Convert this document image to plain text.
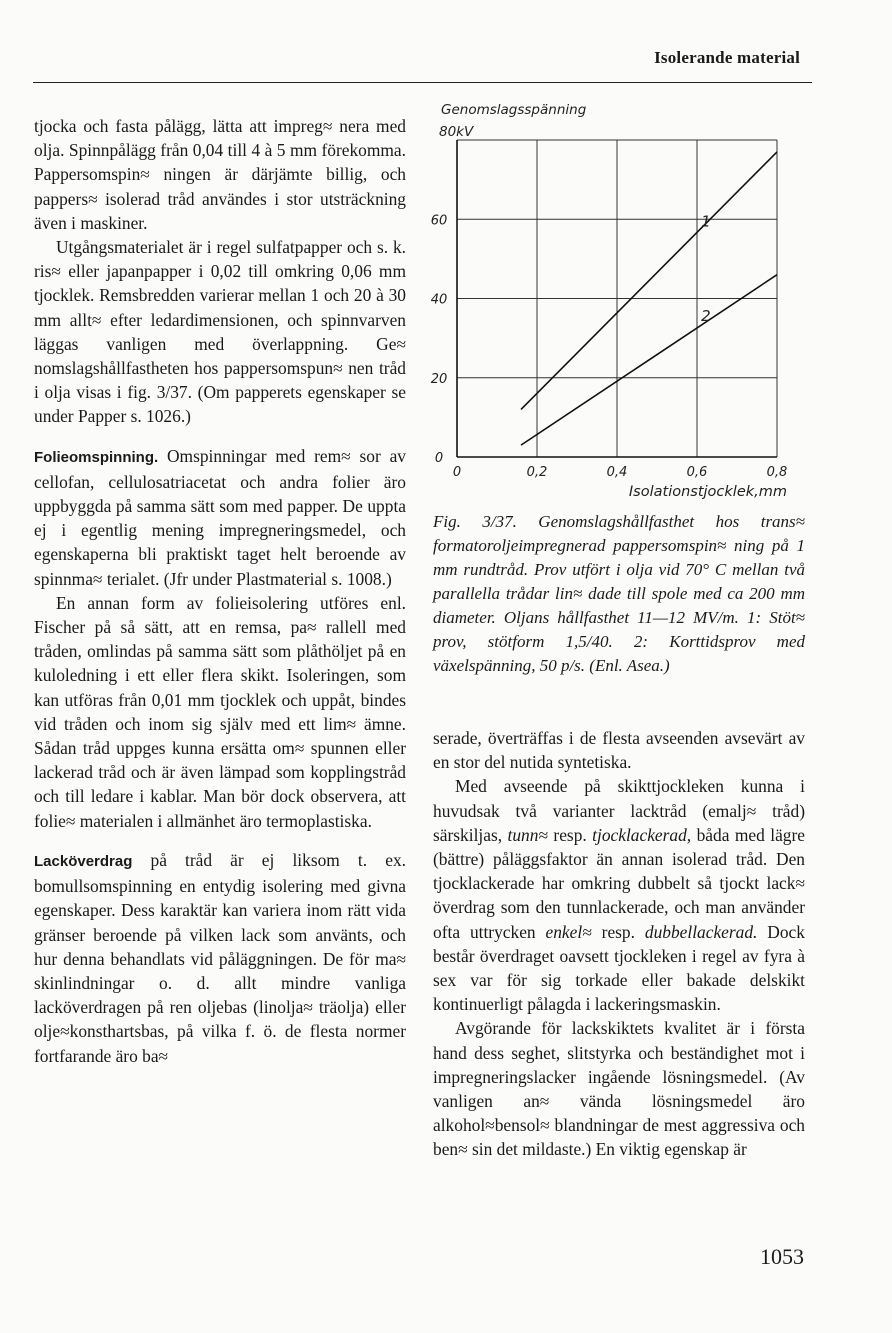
Isolerande material

tjocka och fasta pålägg, lätta att impreg≈ nera med olja. Spinnpålägg från 0,04 till 4 à 5 mm förekomma. Pappersomspin≈ ningen är därjämte billig, och pappers≈ isolerad tråd användes i stor utsträckning även i maskiner.

Utgångsmaterialet är i regel sulfatpapper och s. k. ris≈ eller japanpapper i 0,02 till omkring 0,06 mm tjocklek. Remsbredden varierar mellan 1 och 20 à 30 mm allt≈ efter ledardimensionen, och spinnvarven läggas vanligen med överlappning. Ge≈ nomslagshållfastheten hos pappersomspun≈ nen tråd i olja visas i fig. 3/37. (Om papperets egenskaper se under Papper s. 1026.)

Folieomspinning. Omspinningar med rem≈ sor av cellofan, cellulosatriacetat och andra folier äro uppbyggda på samma sätt som med papper. De uppta ej i egentlig mening impregneringsmedel, och egenskaperna bli praktiskt taget helt beroende av spinnma≈ terialet. (Jfr under Plastmaterial s. 1008.)

En annan form av folieisolering utföres enl. Fischer på så sätt, att en remsa, pa≈ rallell med tråden, omlindas på samma sätt som plåthöljet på en kuloledning i ett eller flera skikt. Isoleringen, som kan utföras från 0,01 mm tjocklek och uppåt, bindes vid tråden och inom sig själv med ett lim≈ ämne. Sådan tråd uppges kunna ersätta om≈ spunnen eller lackerad tråd och är även lämpad som kopplingstråd och till ledare i kablar. Man bör dock observera, att folie≈ materialen i allmänhet äro termoplastiska.

Lacköverdrag på tråd är ej liksom t. ex. bomullsomspinning en entydig isolering med givna egenskaper. Dess karaktär kan variera inom rätt vida gränser beroende på vilken lack som använts, och hur denna behandlats vid påläggningen. De för ma≈ skinlindningar o. d. allt mindre vanliga lacköverdragen på ren oljebas (linolja≈ träolja) eller olje≈konsthartsbas, på vilka f. ö. de flesta normer fortfarande äro ba≈

Genomslagsspänning
80kV
0	0,2	0,4	0,6	0,8
0
20
40
60	1
2
Isolationstjocklek,mm
Fig. 3/37. Genomslagshållfasthet hos trans≈ formatoroljeimpregnerad pappersomspin≈ ning på 1 mm rundtråd. Prov utfört i olja vid 70° C mellan två parallella trådar lin≈ dade till spole med ca 200 mm diameter. Oljans hållfasthet 11—12 MV/m. 1: Stöt≈ prov, stötform 1,5/40. 2: Korttidsprov med växelspänning, 50 p/s. (Enl. Asea.)

serade, överträffas i de flesta avseenden avsevärt av en stor del nutida syntetiska.

Med avseende på skikttjockleken kunna i huvudsak två varianter lacktråd (emalj≈ tråd) särskiljas, tunn≈ resp. tjocklackerad, båda med lägre (bättre) påläggsfaktor än annan isolerad tråd. Den tjocklackerade har omkring dubbelt så tjockt lack≈ överdrag som den tunnlackerade, och man använder ofta uttrycken enkel≈ resp. dubbellackerad. Dock består överdraget oavsett tjockleken i regel av fyra à sex var för sig torkade eller bakade delskikt kontinuerligt pålagda i lackeringsmaskin.

Avgörande för lackskiktets kvalitet är i första hand dess seghet, slitstyrka och beständighet mot i impregneringslacker ingående lösningsmedel. (Av vanligen an≈ vända lösningsmedel äro alkohol≈bensol≈ blandningar de mest aggressiva och ben≈ sin det mildaste.) En viktig egenskap är

1053
